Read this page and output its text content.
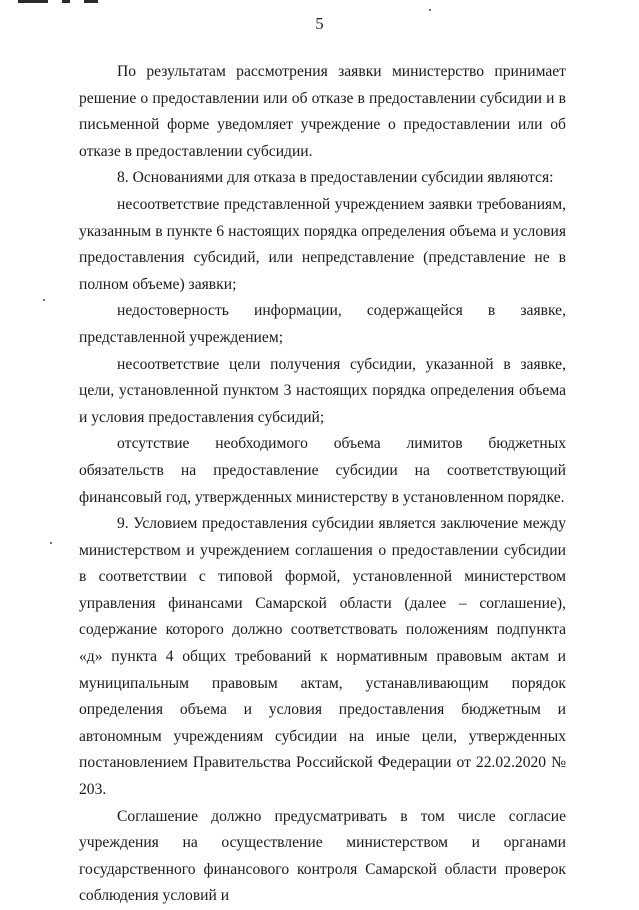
5

По результатам рассмотрения заявки министерство принимает решение о предоставлении или об отказе в предоставлении субсидии и в письменной форме уведомляет учреждение о предоставлении или об отказе в предоставлении субсидии.

8. Основаниями для отказа в предоставлении субсидии являются:

несоответствие представленной учреждением заявки требованиям, указанным в пункте 6 настоящих порядка определения объема и условия предоставления субсидий, или непредставление (представление не в полном объеме) заявки;

недостоверность информации, содержащейся в заявке, представленной учреждением;

несоответствие цели получения субсидии, указанной в заявке, цели, установленной пунктом 3 настоящих порядка определения объема и условия предоставления субсидий;

отсутствие необходимого объема лимитов бюджетных обязательств на предоставление субсидии на соответствующий финансовый год, утвержденных министерству в установленном порядке.

9. Условием предоставления субсидии является заключение между министерством и учреждением соглашения о предоставлении субсидии в соответствии с типовой формой, установленной министерством управления финансами Самарской области (далее – соглашение), содержание которого должно соответствовать положениям подпункта «д» пункта 4 общих требований к нормативным правовым актам и муниципальным правовым актам, устанавливающим порядок определения объема и условия предоставления бюджетным и автономным учреждениям субсидии на иные цели, утвержденных постановлением Правительства Российской Федерации от 22.02.2020 № 203.

Соглашение должно предусматривать в том числе согласие учреждения на осуществление министерством и органами государственного финансового контроля Самарской области проверок соблюдения условий и
